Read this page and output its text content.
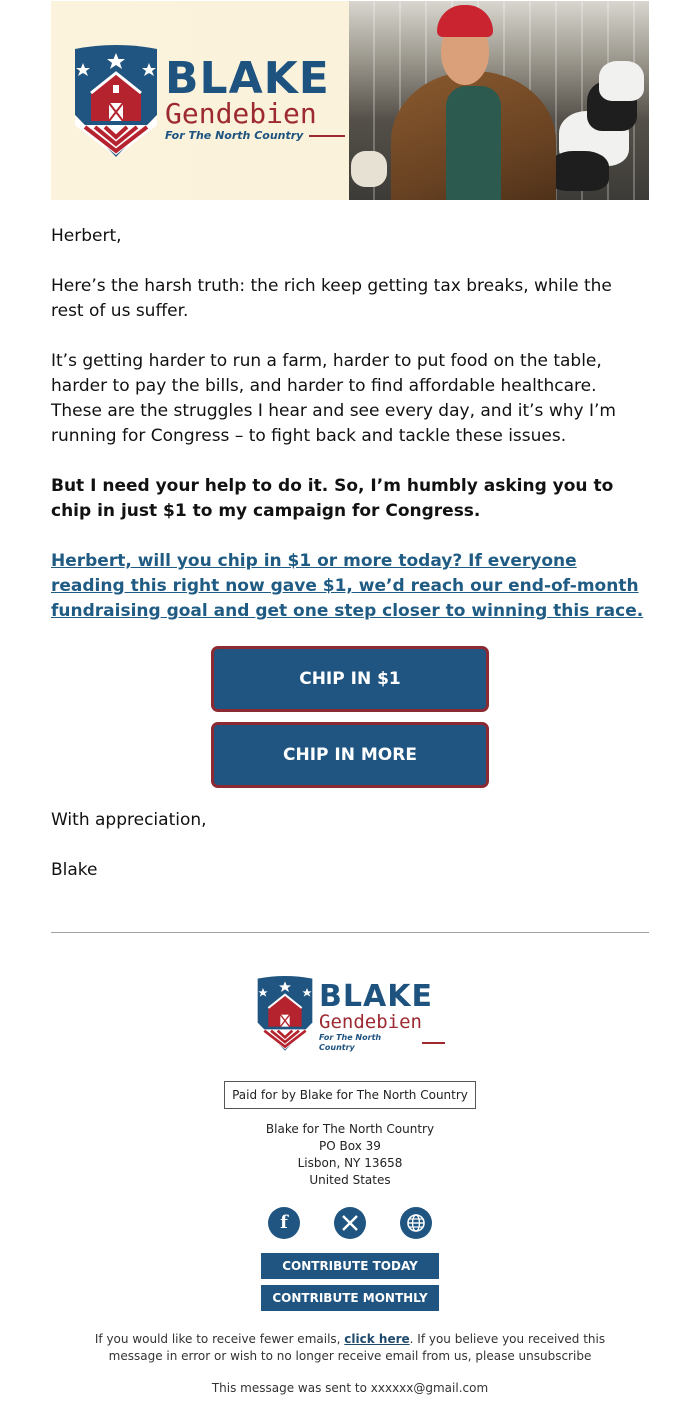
BLAKE
Gendebien
For The North Country

Herbert,

Here’s the harsh truth: the rich keep getting tax breaks, while the rest of us suffer.

It’s getting harder to run a farm, harder to put food on the table, harder to pay the bills, and harder to find affordable healthcare. These are the struggles I hear and see every day, and it’s why I’m running for Congress – to fight back and tackle these issues.

But I need your help to do it. So, I’m humbly asking you to chip in just $1 to my campaign for Congress.

Herbert, will you chip in $1 or more today? If everyone reading this right now gave $1, we’d reach our end-of-month fundraising goal and get one step closer to winning this race.
CHIP IN $1
CHIP IN MORE

With appreciation,

Blake

BLAKE
Gendebien
For The North Country
Paid for by Blake for The North Country
Blake for The North Country
PO Box 39
Lisbon, NY 13658
United States
f
CONTRIBUTE TODAY
CONTRIBUTE MONTHLY
If you would like to receive fewer emails, click here. If you believe you received this message in error or wish to no longer receive email from us, please unsubscribe
This message was sent to xxxxxx@gmail.com
